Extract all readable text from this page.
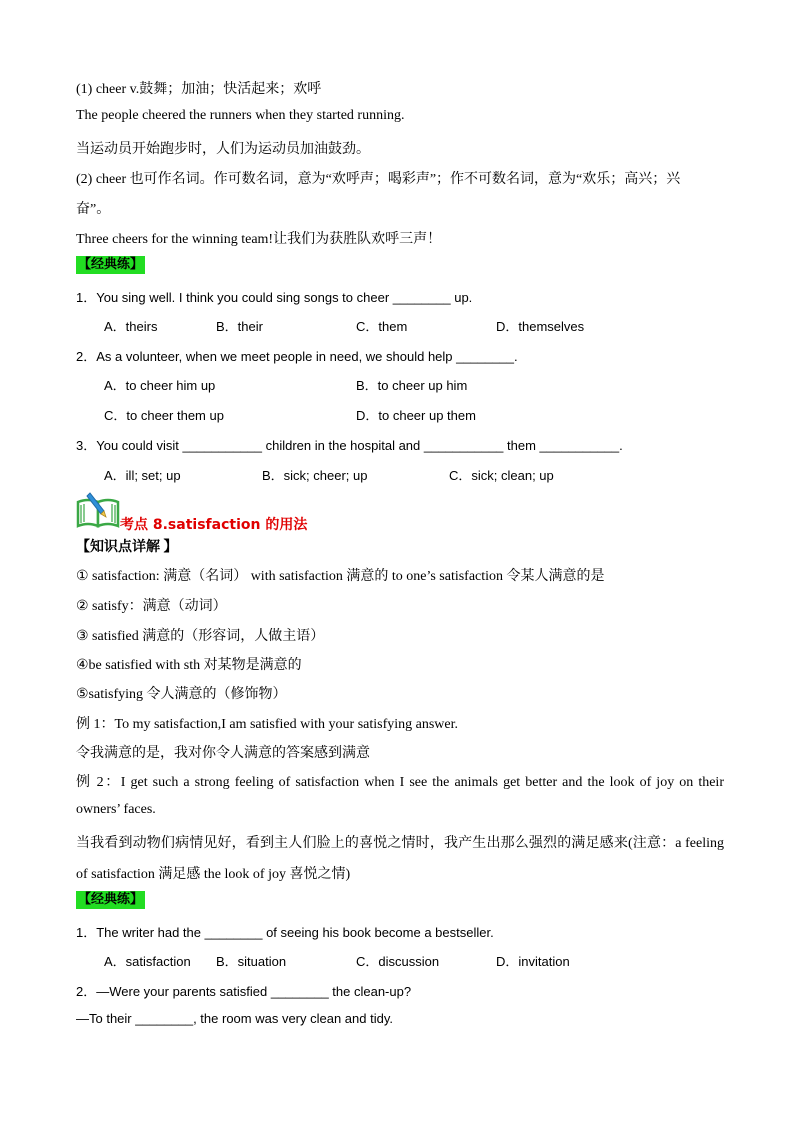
(1) cheer v.鼓舞；加油；快活起来；欢呼
The people cheered the runners when they started running.
当运动员开始跑步时，人们为运动员加油鼓劲。
(2) cheer 也可作名词。作可数名词，意为“欢呼声；喝彩声”；作不可数名词，意为“欢乐；高兴；兴
奋”。
Three cheers for the winning team!让我们为获胜队欢呼三声！
【经典练】
1．You sing well. I think you could sing songs to cheer ________ up.
A．theirs	B．their	C．them	D．themselves
2．As a volunteer, when we meet people in need, we should help ________.
A．to cheer him up	B．to cheer up him
C．to cheer them up	D．to cheer up them
3．You could visit ___________ children in the hospital and ___________ them ___________.
A．ill; set; up	B．sick; cheer; up	C．sick; clean; up
考点 8.satisfaction 的用法
【知识点详解 】
① satisfaction: 满意（名词） with satisfaction 满意的 to one’s satisfaction 令某人满意的是
② satisfy：满意（动词）
③ satisfied 满意的（形容词，人做主语）
④be satisfied with sth 对某物是满意的
⑤satisfying 令人满意的（修饰物）
例 1：To my satisfaction,I am satisfied with your satisfying answer.
令我满意的是，我对你令人满意的答案感到满意
例 2：I get such a strong feeling of satisfaction when I see the animals get better and the look of joy on their
owners’ faces.
当我看到动物们病情见好，看到主人们脸上的喜悦之情时，我产生出那么强烈的满足感来(注意：a feeling
of satisfaction 满足感 the look of joy 喜悦之情)
【经典练】
1．The writer had the ________ of seeing his book become a bestseller.
A．satisfaction B．situation	C．discussion	D．invitation
2．—Were your parents satisfied ________ the clean-up?
—To their ________, the room was very clean and tidy.
